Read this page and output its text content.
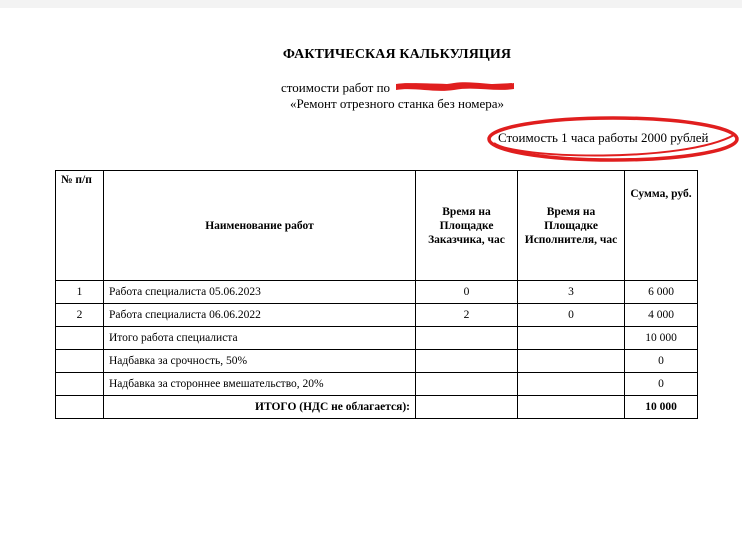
ФАКТИЧЕСКАЯ КАЛЬКУЛЯЦИЯ
стоимости работ по
«Ремонт отрезного станка без номера»
Стоимость 1 часа работы 2000 рублей
№ п/п	Наименование работ	Время на Площадке Заказчика, час	Время на Площадке Исполнителя, час	Сумма, руб.
1	Работа специалиста 05.06.2023	0	3	6 000
2	Работа специалиста 06.06.2022	2	0	4 000
	Итого работа специалиста			10 000
	Надбавка за срочность, 50%			0
	Надбавка за стороннее вмешательство, 20%			0
	ИТОГО (НДС не облагается):			10 000
